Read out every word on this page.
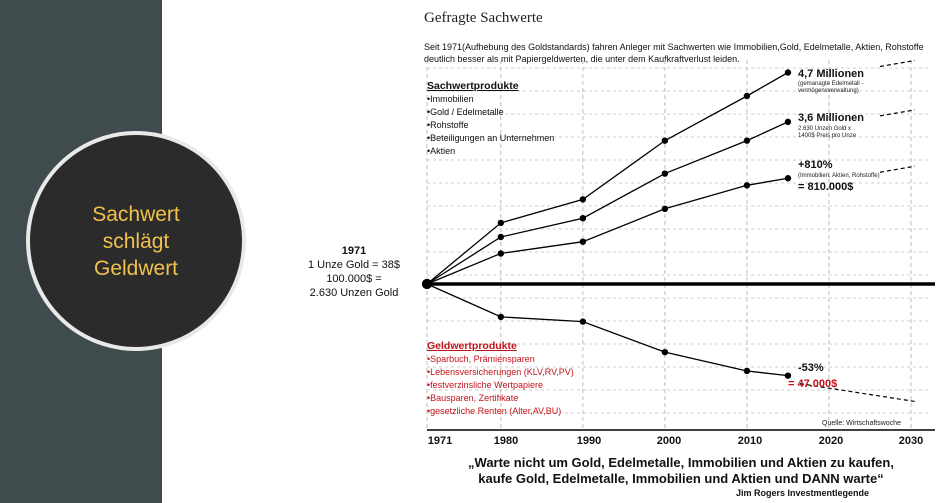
Sachwert
schlägt
Geldwert
Gefragte Sachwerte
Seit 1971(Aufhebung des Goldstandards) fahren Anleger mit Sachwerten wie Immobilien,Gold, Edelmetalle, Aktien, Rohstoffe deutlich besser als mit Papiergeldwerten, die unter dem Kaufkraftverlust leiden.
1971
1 Unze Gold = 38$
100.000$ =
2.630 Unzen Gold
Sachwertprodukte
•Immobilien
•Gold / Edelmetalle
•Rohstoffe
•Beteiligungen an Unternehmen
•Aktien
Geldwertprodukte
•Sparbuch, Prämiensparen
•Lebensversicherungen (KLV,RV,PV)
•festverzinsliche Wertpapiere
•Bausparen, Zertifikate
•gesetzliche Renten (Alter,AV,BU)
4,7 Millionen
(gemanagte Edelmetall -
vermögensverwaltung)
3,6 Millionen
2.630 Unzen Gold x
1400$ Preis pro Unze
+810%
(Immobilien, Aktien, Rohstoffe)
= 810.000$
-53%
= 47.000$
Quelle: Wirtschaftswoche
1971	1980	1990	2000	2010	2020	2030
„Warte nicht um Gold, Edelmetalle, Immobilien und Aktien zu kaufen,
kaufe Gold, Edelmetalle, Immobilien und Aktien und DANN warte“
Jim Rogers Investmentlegende
